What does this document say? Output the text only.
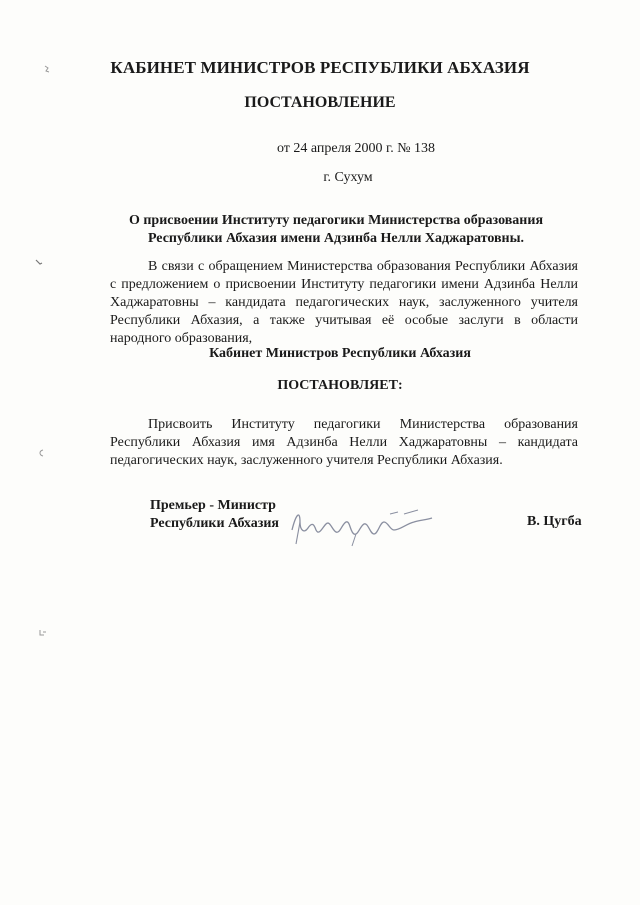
КАБИНЕТ МИНИСТРОВ РЕСПУБЛИКИ АБХАЗИЯ
ПОСТАНОВЛЕНИЕ
от 24 апреля 2000 г. № 138
г. Сухум
О присвоении Институту педагогики Министерства образования
Республики Абхазия имени Адзинба Нелли Хаджаратовны.
В связи с обращением Министерства образования Республики Абхазия с предложением о присвоении Институту педагогики имени Адзинба Нелли Хаджаратовны – кандидата педагогических наук, заслуженного учителя Республики Абхазия, а также учитывая её особые заслуги в области народного образования,
Кабинет Министров Республики Абхазия
ПОСТАНОВЛЯЕТ:
Присвоить Институту педагогики Министерства образования Республики Абхазия имя Адзинба Нелли Хаджаратовны – кандидата педагогических наук, заслуженного учителя Республики Абхазия.
Премьер - Министр
Республики Абхазия	В. Цугба
